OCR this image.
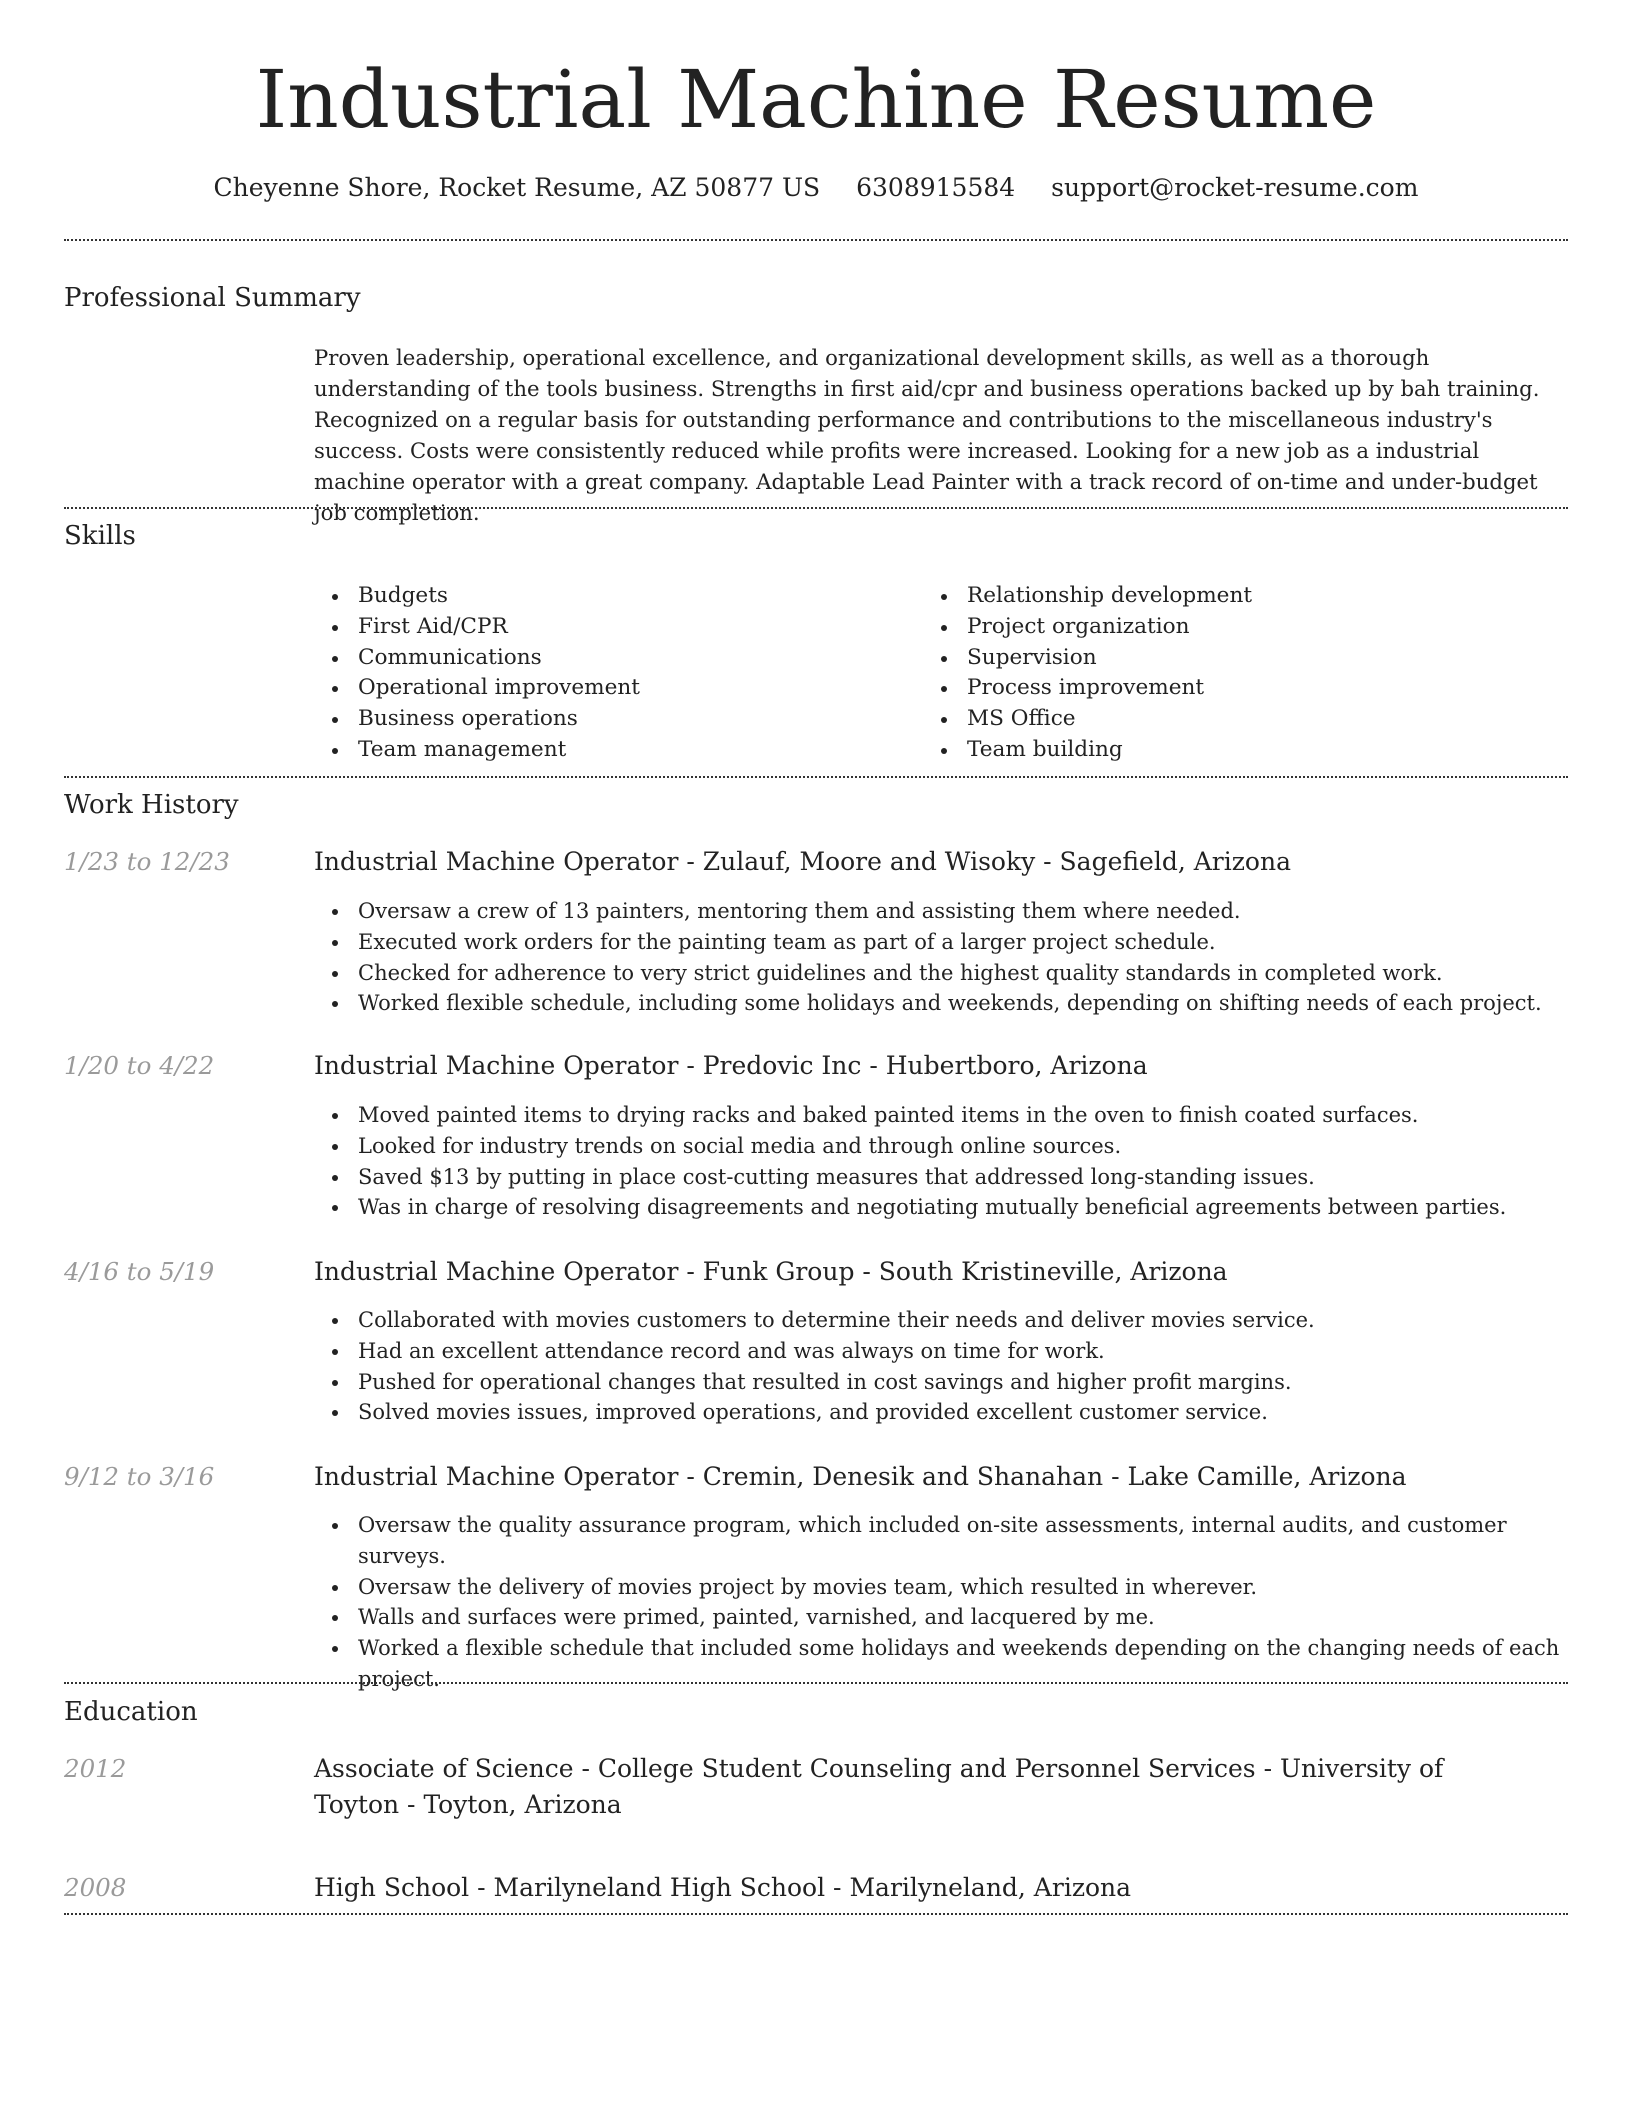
Industrial Machine Resume
Cheyenne Shore, Rocket Resume, AZ 50877 US 6308915584 support@rocket-resume.com
Professional Summary
Proven leadership, operational excellence, and organizational development skills, as well as a thorough understanding of the tools business. Strengths in first aid/cpr and business operations backed up by bah training. Recognized on a regular basis for outstanding performance and contributions to the miscellaneous industry's success. Costs were consistently reduced while profits were increased. Looking for a new job as a industrial machine operator with a great company. Adaptable Lead Painter with a track record of on-time and under-budget job completion.
Skills
Budgets
First Aid/CPR
Communications
Operational improvement
Business operations
Team management
Relationship development
Project organization
Supervision
Process improvement
MS Office
Team building
Work History
1/23 to 12/23	Industrial Machine Operator - Zulauf, Moore and Wisoky - Sagefield, Arizona
Oversaw a crew of 13 painters, mentoring them and assisting them where needed.
Executed work orders for the painting team as part of a larger project schedule.
Checked for adherence to very strict guidelines and the highest quality standards in completed work.
Worked flexible schedule, including some holidays and weekends, depending on shifting needs of each project.
1/20 to 4/22	Industrial Machine Operator - Predovic Inc - Hubertboro, Arizona
Moved painted items to drying racks and baked painted items in the oven to finish coated surfaces.
Looked for industry trends on social media and through online sources.
Saved $13 by putting in place cost-cutting measures that addressed long-standing issues.
Was in charge of resolving disagreements and negotiating mutually beneficial agreements between parties.
4/16 to 5/19	Industrial Machine Operator - Funk Group - South Kristineville, Arizona
Collaborated with movies customers to determine their needs and deliver movies service.
Had an excellent attendance record and was always on time for work.
Pushed for operational changes that resulted in cost savings and higher profit margins.
Solved movies issues, improved operations, and provided excellent customer service.
9/12 to 3/16	Industrial Machine Operator - Cremin, Denesik and Shanahan - Lake Camille, Arizona
Oversaw the quality assurance program, which included on-site assessments, internal audits, and customer surveys.
Oversaw the delivery of movies project by movies team, which resulted in wherever.
Walls and surfaces were primed, painted, varnished, and lacquered by me.
Worked a flexible schedule that included some holidays and weekends depending on the changing needs of each project.
Education
2012	Associate of Science - College Student Counseling and Personnel Services - University of Toyton - Toyton, Arizona
2008	High School - Marilyneland High School - Marilyneland, Arizona
